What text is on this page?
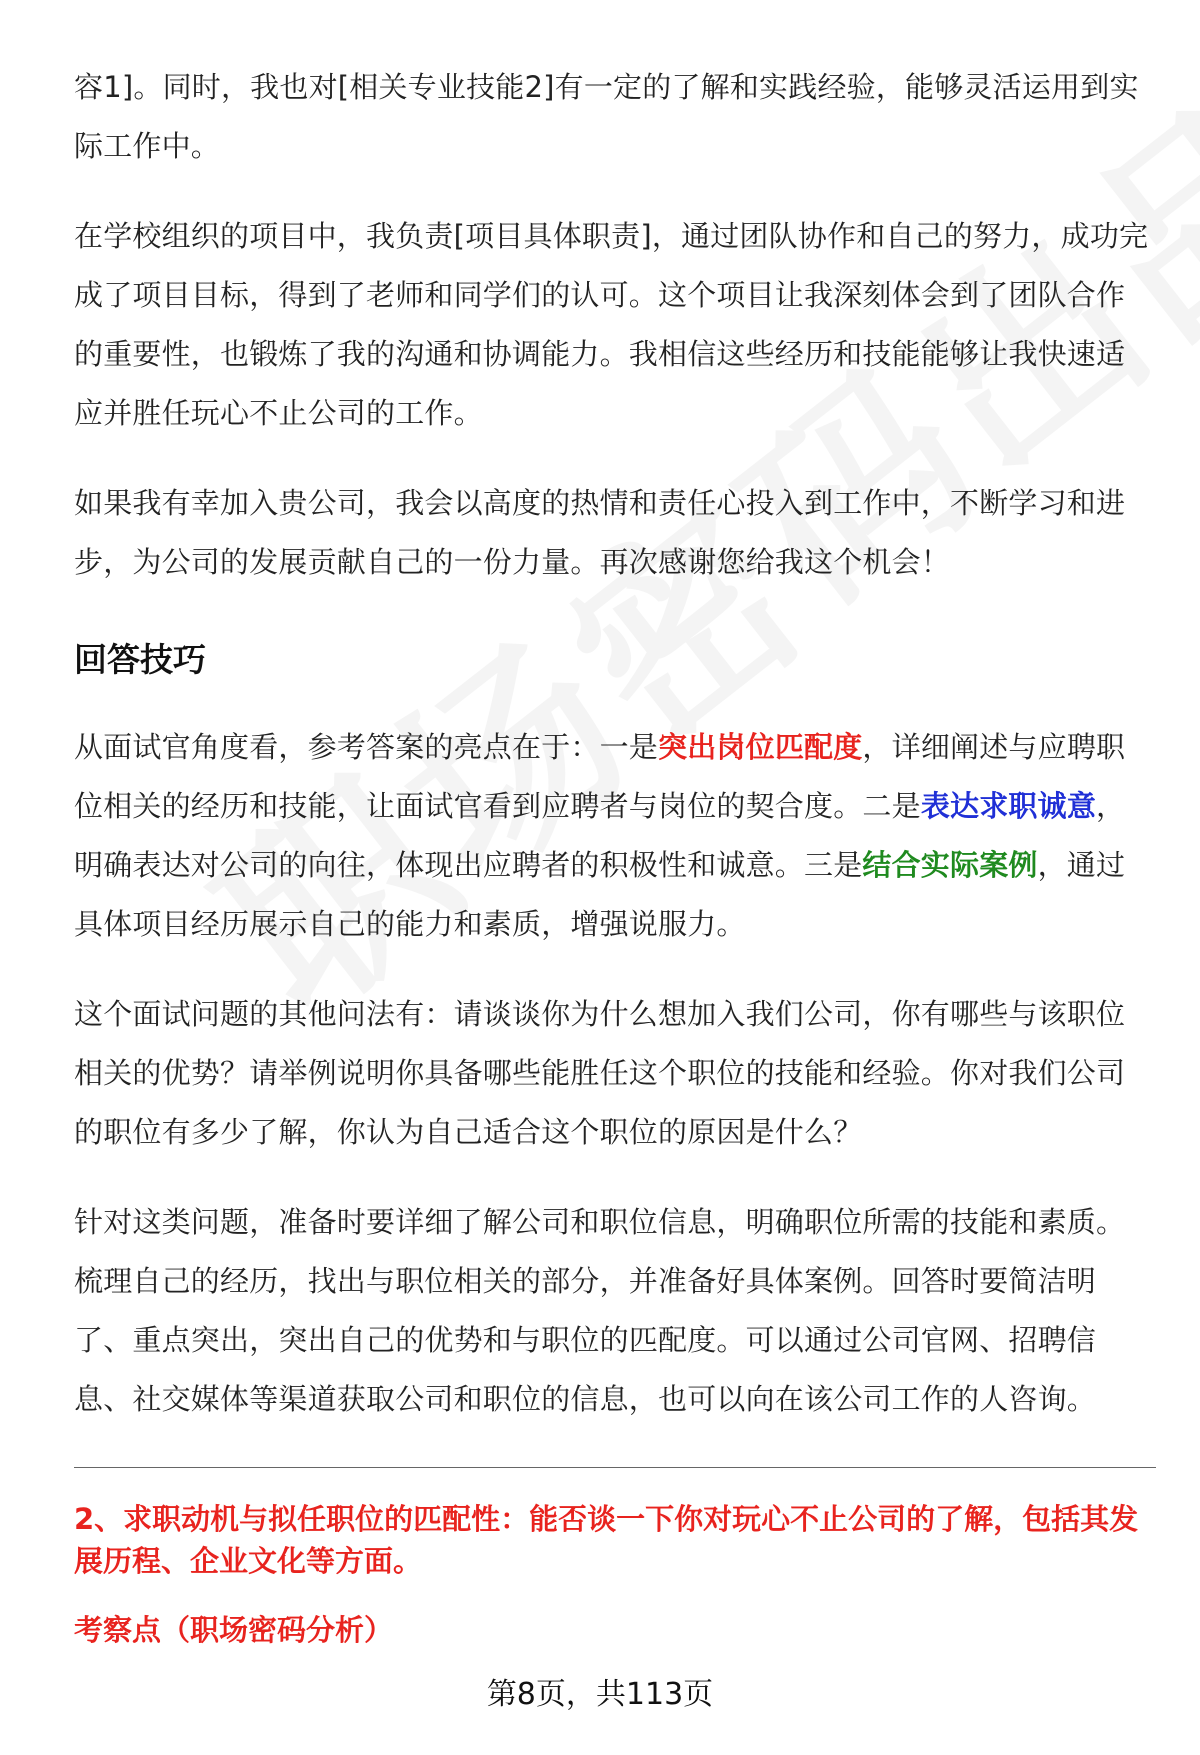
容1]。同时，我也对[相关专业技能2]有一定的了解和实践经验，能够灵活运用到实际工作中。

在学校组织的项目中，我负责[项目具体职责]，通过团队协作和自己的努力，成功完成了项目目标，得到了老师和同学们的认可。这个项目让我深刻体会到了团队合作的重要性，也锻炼了我的沟通和协调能力。我相信这些经历和技能能够让我快速适应并胜任玩心不止公司的工作。

如果我有幸加入贵公司，我会以高度的热情和责任心投入到工作中，不断学习和进步，为公司的发展贡献自己的一份力量。再次感谢您给我这个机会！

回答技巧

从面试官角度看，参考答案的亮点在于：一是突出岗位匹配度，详细阐述与应聘职位相关的经历和技能，让面试官看到应聘者与岗位的契合度。二是表达求职诚意，明确表达对公司的向往，体现出应聘者的积极性和诚意。三是结合实际案例，通过具体项目经历展示自己的能力和素质，增强说服力。

这个面试问题的其他问法有：请谈谈你为什么想加入我们公司，你有哪些与该职位相关的优势？请举例说明你具备哪些能胜任这个职位的技能和经验。你对我们公司的职位有多少了解，你认为自己适合这个职位的原因是什么？

针对这类问题，准备时要详细了解公司和职位信息，明确职位所需的技能和素质。梳理自己的经历，找出与职位相关的部分，并准备好具体案例。回答时要简洁明了、重点突出，突出自己的优势和与职位的匹配度。可以通过公司官网、招聘信息、社交媒体等渠道获取公司和职位的信息，也可以向在该公司工作的人咨询。

2、求职动机与拟任职位的匹配性：能否谈一下你对玩心不止公司的了解，包括其发展历程、企业文化等方面。
考察点（职场密码分析）
第8页，共113页
